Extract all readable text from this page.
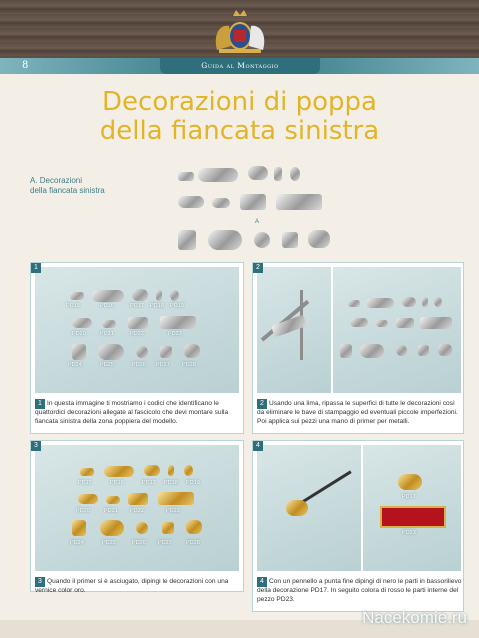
8	Guida al Montaggio
Decorazioni di poppa
della fiancata sinistra
A. Decorazioni
della fiancata sinistra
A
1
1 In questa immagine ti mostriamo i codici che identificano le quattordici decorazioni allegate al fascicolo che devi montare sulla fiancata sinistra della zona poppiera del modello.
PD15	PD16	PD17 PD18 PD19
PD20	PD21	PD22	PD23
PD24	PD25	PD26 PD27 PD28
2
2 Usando una lima, ripassa le superfici di tutte le decorazioni così da eliminare le bave di stampaggio ed eventuali piccole imperfezioni. Poi applica sui pezzi una mano di primer per metalli.
3
3 Quando il primer si è asciugato, dipingi le decorazioni con una vernice color oro.
PD15	PD16	PD17 PD18 PD19
PD20	PD21 PD22	PD23
PD24	PD25	PD26 PD27	PD28
4
4 Con un pennello a punta fine dipingi di nero le parti in bassorilievo della decorazione PD17. In seguito colora di rosso le parti interne del pezzo PD23.
PD17
PD23
Nacekomie.ru
